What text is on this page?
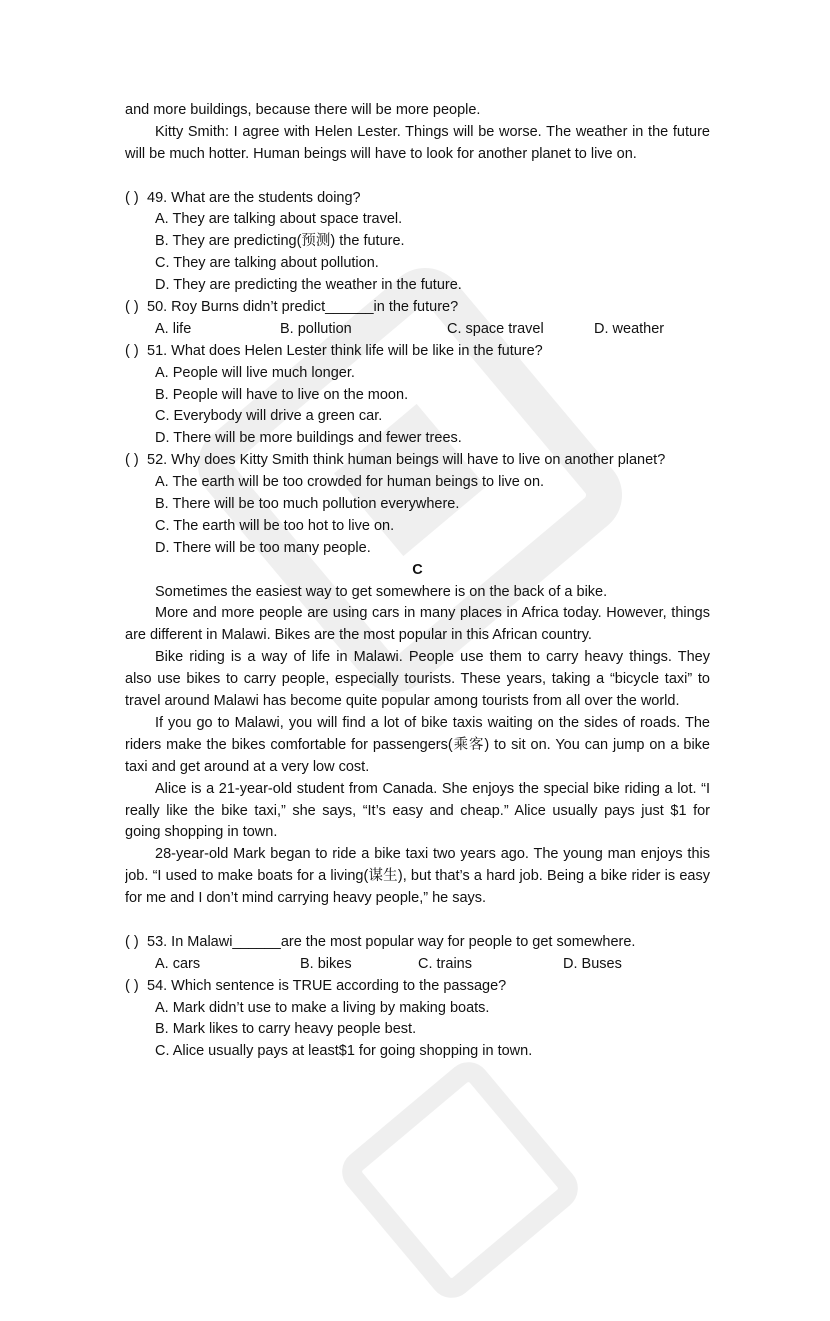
and more buildings, because there will be more people.
Kitty Smith: I agree with Helen Lester. Things will be worse. The weather in the future
will be much hotter. Human beings will have to look for another planet to live on.
( ) 49. What are the students doing?
A. They are talking about space travel.
B. They are predicting(预测) the future.
C. They are talking about pollution.
D. They are predicting the weather in the future.
( ) 50. Roy Burns didn’t predict______in the future?
A. life	B. pollution	C. space travel	D. weather
( ) 51. What does Helen Lester think life will be like in the future?
A. People will live much longer.
B. People will have to live on the moon.
C. Everybody will drive a green car.
D. There will be more buildings and fewer trees.
( ) 52. Why does Kitty Smith think human beings will have to live on another planet?
A. The earth will be too crowded for human beings to live on.
B. There will be too much pollution everywhere.
C. The earth will be too hot to live on.
D. There will be too many people.
C
Sometimes the easiest way to get somewhere is on the back of a bike.
More and more people are using cars in many places in Africa today. However, things
are different in Malawi. Bikes are the most popular in this African country.
Bike riding is a way of life in Malawi. People use them to carry heavy things. They
also use bikes to carry people, especially tourists. These years, taking a “bicycle taxi” to
travel around Malawi has become quite popular among tourists from all over the world.
If you go to Malawi, you will find a lot of bike taxis waiting on the sides of roads. The
riders make the bikes comfortable for passengers(乘客) to sit on. You can jump on a bike
taxi and get around at a very low cost.
Alice is a 21-year-old student from Canada. She enjoys the special bike riding a lot. “I
really like the bike taxi,” she says, “It’s easy and cheap.” Alice usually pays just $1 for
going shopping in town.
28-year-old Mark began to ride a bike taxi two years ago. The young man enjoys this
job. “I used to make boats for a living(谋生), but that’s a hard job. Being a bike rider is easy
for me and I don’t mind carrying heavy people,” he says.
( ) 53. In Malawi______are the most popular way for people to get somewhere.
A. cars	B. bikes	C. trains	D. Buses
( ) 54. Which sentence is TRUE according to the passage?
A. Mark didn’t use to make a living by making boats.
B. Mark likes to carry heavy people best.
C. Alice usually pays at least$1 for going shopping in town.
